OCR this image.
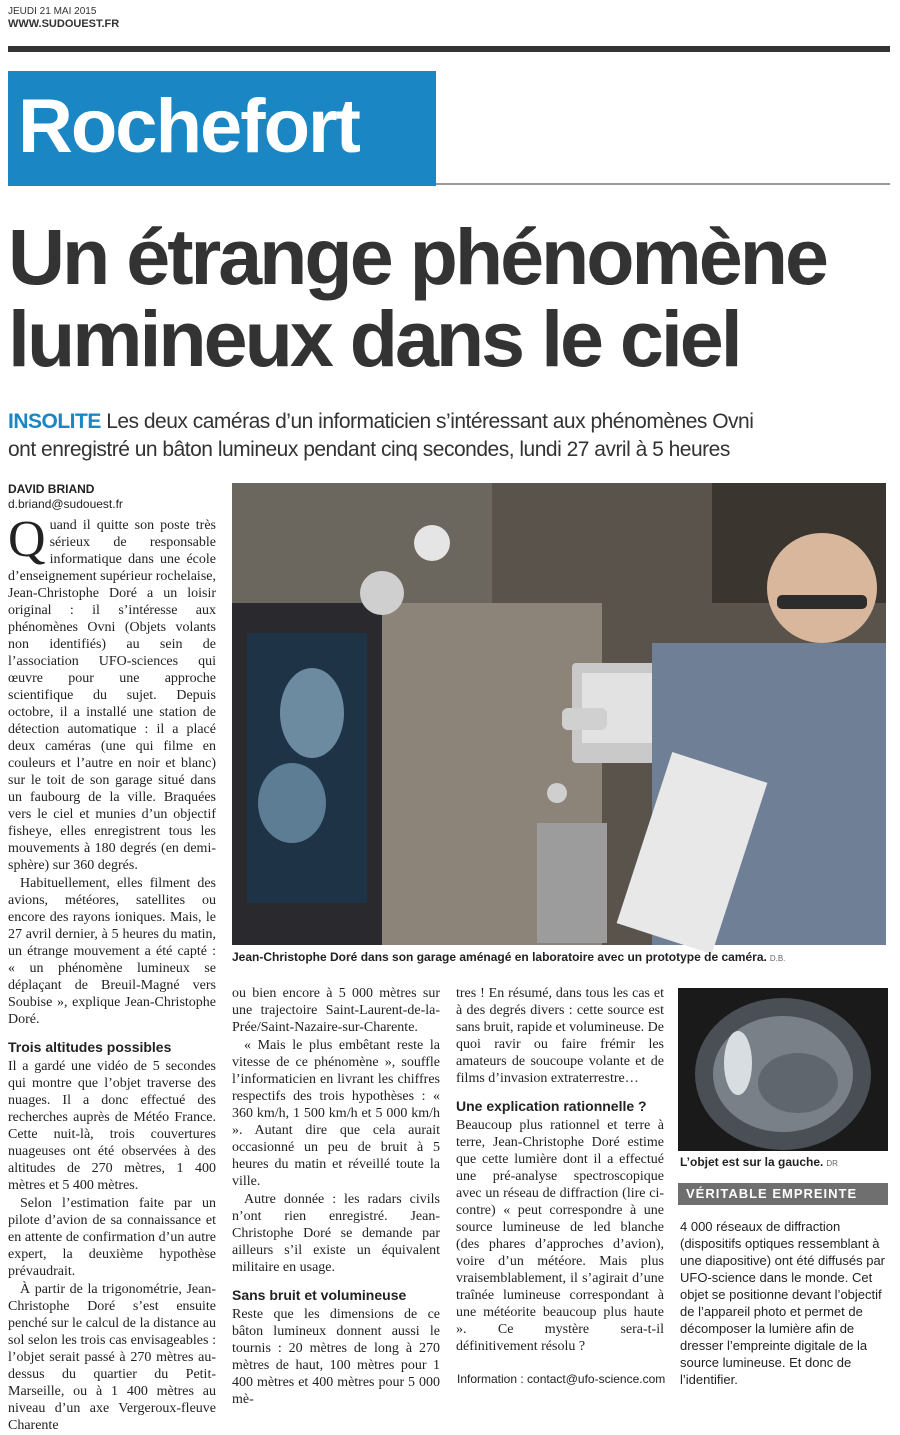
JEUDI 21 MAI 2015
WWW.SUDOUEST.FR
Rochefort
Un étrange phénomène
lumineux dans le ciel
INSOLITE Les deux caméras d’un informaticien s’intéressant aux phénomènes Ovni
ont enregistré un bâton lumineux pendant cinq secondes, lundi 27 avril à 5 heures
DAVID BRIAND
d.briand@sudouest.fr

Quand il quitte son poste très sérieux de responsable informatique dans une école d’enseignement supérieur rochelaise, Jean-Christophe Doré a un loisir original : il s’intéresse aux phénomènes Ovni (Objets volants non identifiés) au sein de l’association UFO-sciences qui œuvre pour une approche scientifique du sujet. Depuis octobre, il a installé une station de détection automatique : il a placé deux caméras (une qui filme en couleurs et l’autre en noir et blanc) sur le toit de son garage situé dans un faubourg de la ville. Braquées vers le ciel et munies d’un objectif fisheye, elles enregistrent tous les mouvements à 180 degrés (en demi-sphère) sur 360 degrés.

Habituellement, elles filment des avions, météores, satellites ou encore des rayons ioniques. Mais, le 27 avril dernier, à 5 heures du matin, un étrange mouvement a été capté : « un phénomène lumineux se déplaçant de Breuil-Magné vers Soubise », explique Jean-Christophe Doré.

Trois altitudes possibles

Il a gardé une vidéo de 5 secondes qui montre que l’objet traverse des nuages. Il a donc effectué des recherches auprès de Météo France. Cette nuit-là, trois couvertures nuageuses ont été observées à des altitudes de 270 mètres, 1 400 mètres et 5 400 mètres.

Selon l’estimation faite par un pilote d’avion de sa connaissance et en attente de confirmation d’un autre expert, la deuxième hypothèse prévaudrait.

À partir de la trigonométrie, Jean-Christophe Doré s’est ensuite penché sur le calcul de la distance au sol selon les trois cas envisageables : l’objet serait passé à 270 mètres au-dessus du quartier du Petit-Marseille, ou à 1 400 mètres au niveau d’un axe Vergeroux-fleuve Charente

Jean-Christophe Doré dans son garage aménagé en laboratoire avec un prototype de caméra. D.B.

ou bien encore à 5 000 mètres sur une trajectoire Saint-Laurent-de-la-Prée/Saint-Nazaire-sur-Charente.

« Mais le plus embêtant reste la vitesse de ce phénomène », souffle l’informaticien en livrant les chiffres respectifs des trois hypothèses : « 360 km/h, 1 500 km/h et 5 000 km/h ». Autant dire que cela aurait occasionné un peu de bruit à 5 heures du matin et réveillé toute la ville.

Autre donnée : les radars civils n’ont rien enregistré. Jean-Christophe Doré se demande par ailleurs s’il existe un équivalent militaire en usage.

Sans bruit et volumineuse

Reste que les dimensions de ce bâton lumineux donnent aussi le tournis : 20 mètres de long à 270 mètres de haut, 100 mètres pour 1 400 mètres et 400 mètres pour 5 000 mè-

tres ! En résumé, dans tous les cas et à des degrés divers : cette source est sans bruit, rapide et volumineuse. De quoi ravir ou faire frémir les amateurs de soucoupe volante et de films d’invasion extraterrestre…

Une explication rationnelle ?

Beaucoup plus rationnel et terre à terre, Jean-Christophe Doré estime que cette lumière dont il a effectué une pré-analyse spectroscopique avec un réseau de diffraction (lire ci-contre) « peut correspondre à une source lumineuse de led blanche (des phares d’approches d’avion), voire d’un météore. Mais plus vraisemblablement, il s’agirait d’une traînée lumineuse correspondant à une météorite beaucoup plus haute ». Ce mystère sera-t-il définitivement résolu ?

Information : contact@ufo-science.com
L’objet est sur la gauche. DR
VÉRITABLE EMPREINTE
4 000 réseaux de diffraction (dispositifs optiques ressemblant à une diapositive) ont été diffusés par UFO-science dans le monde. Cet objet se positionne devant l’objectif de l’appareil photo et permet de décomposer la lumière afin de dresser l’empreinte digitale de la source lumineuse. Et donc de l’identifier.
